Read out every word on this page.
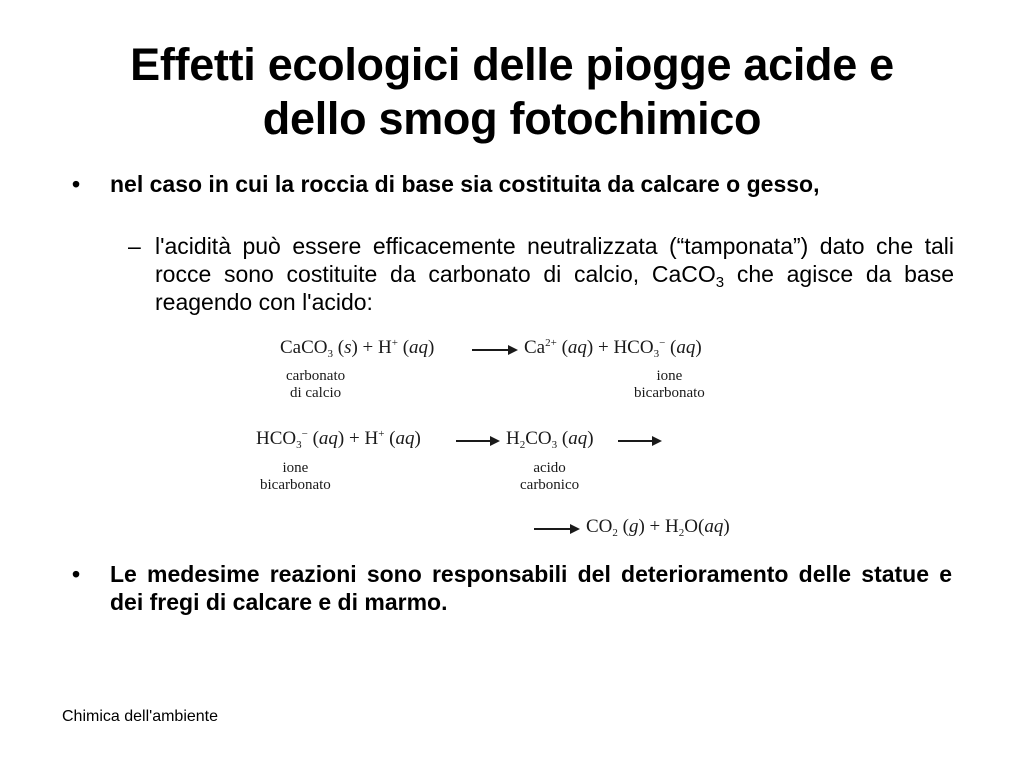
Effetti ecologici delle piogge acide e
dello smog fotochimico
• nel caso in cui la roccia di base sia costituita da calcare o gesso,
– l'acidità può essere efficacemente neutralizzata (“tamponata”) dato che tali rocce sono costituite da carbonato di calcio, CaCO$_3$ che agisce da base reagendo con l'acido:
CaCO$_3$ (s) + H+ $(aq) \to Ca^{2+}$ $(aq) + HCO_3^-$ (aq)
carbonato
di calcio
ione
bicarbonato
$HCO_3^-$ (aq) + H+ $(aq) \to H_2CO_3$ (aq)
ione
bicarbonato
acido
carbonico
→ $CO_2$ $(g) + H_2O(aq)$
• Le medesime reazioni sono responsabili del deterioramento delle statue e dei fregi di calcare e di marmo.
Chimica dell'ambiente
